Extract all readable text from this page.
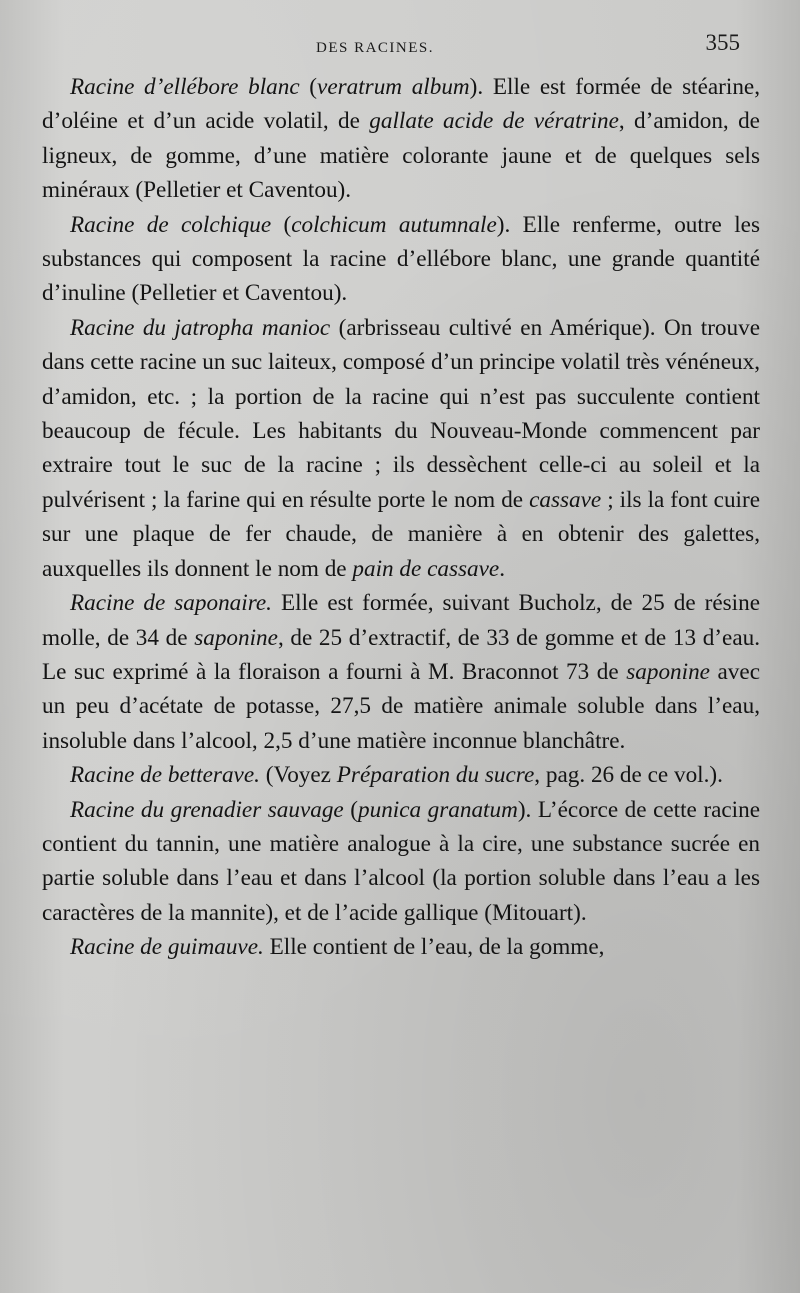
DES RACINES.	355

Racine d’ellébore blanc (veratrum album). Elle est formée de stéarine, d’oléine et d’un acide volatil, de gallate acide de vératrine, d’amidon, de ligneux, de gomme, d’une matière colorante jaune et de quelques sels minéraux (Pelletier et Caventou).

Racine de colchique (colchicum autumnale). Elle renferme, outre les substances qui composent la racine d’ellébore blanc, une grande quantité d’inuline (Pelletier et Caventou).

Racine du jatropha manioc (arbrisseau cultivé en Amérique). On trouve dans cette racine un suc laiteux, composé d’un principe volatil très vénéneux, d’amidon, etc. ; la portion de la racine qui n’est pas succulente contient beaucoup de fécule. Les habitants du Nouveau-Monde commencent par extraire tout le suc de la racine ; ils dessèchent celle-ci au soleil et la pulvérisent ; la farine qui en résulte porte le nom de cassave ; ils la font cuire sur une plaque de fer chaude, de manière à en obtenir des galettes, auxquelles ils donnent le nom de pain de cassave.

Racine de saponaire. Elle est formée, suivant Bucholz, de 25 de résine molle, de 34 de saponine, de 25 d’extractif, de 33 de gomme et de 13 d’eau. Le suc exprimé à la floraison a fourni à M. Braconnot 73 de saponine avec un peu d’acétate de potasse, 27,5 de matière animale soluble dans l’eau, insoluble dans l’alcool, 2,5 d’une matière inconnue blanchâtre.

Racine de betterave. (Voyez Préparation du sucre, pag. 26 de ce vol.).

Racine du grenadier sauvage (punica granatum). L’écorce de cette racine contient du tannin, une matière analogue à la cire, une substance sucrée en partie soluble dans l’eau et dans l’alcool (la portion soluble dans l’eau a les caractères de la mannite), et de l’acide gallique (Mitouart).

Racine de guimauve. Elle contient de l’eau, de la gomme,
